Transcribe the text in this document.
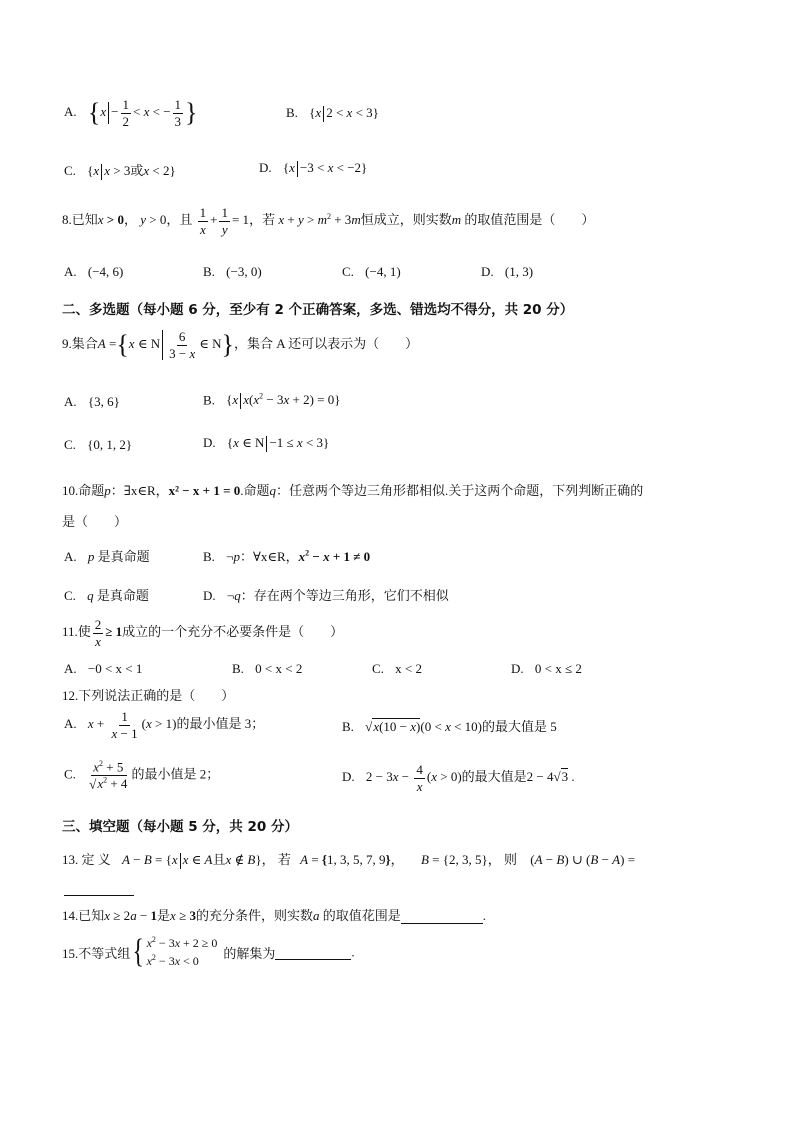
A. {$x - \frac{1}{2} < x$ < − $\frac{1}{3}$ }	B. {x 2 < x < 3}
C. {x x > 3或x < 2}	D. {x −3 < x < −2}
8.已知x > 0， y > 0，且 $\frac{1}{x} + \frac{1}{y} = 1$，若 $x + y > m^2 + 3m$恒成立，则实数m 的取值范围是（　　）
A. (−4, 6)	B. (−3, 0)	C. (−4, 1)	D. (1, 3)
二、多选题（每小题 6 分，至少有 2 个正确答案，多选、错选均不得分，共 20 分）
9.集合A ={x ∈ N $\frac{6}{3 - x}$ ∈ N}，集合 A 还可以表示为（　　）
A. {3, 6}	B. {x $x(x^2 - 3x + 2) = 0$}
C. {0, 1, 2}	D. {x ∈ N −1 ≤ x < 3}
10.命题p：∃x∈R，x² − x + 1 = 0.命题q：任意两个等边三角形都相似.关于这两个命题，下列判断正确的
是（　　）
A. p 是真命题	B. ¬p：∀x∈R，$x^2 - x + 1 \ne 0$
C. q 是真命题	D. ¬q：存在两个等边三角形，它们不相似
11.使 $\frac{2}{x} \ge 1$成立的一个充分不必要条件是（　　）
A. −0 < x < 1	B. 0 < x < 2	C. x < 2	D. 0 < x ≤ 2
12.下列说法正确的是（　　）
A. $x + \frac{1}{x - 1} (x > 1)$的最小值是 3；	B. √x(10 − x)(0 < x < 10)的最大值是 5
C. $\frac{x^2 + 5}{√x^2 + 4}$ 的最小值是 2；	D. $2 - 3x - \frac{4}{x} (x > 0)$的最大值是2 − 4√3 .
三、填空题（每小题 5 分，共 20 分）
13. 定 义 A − B = {x x ∈ A且x ∉ B}， 若 A = {1, 3, 5, 7, 9}， B = {2, 3, 5}， 则 (A − B) ∪ (B − A) =
14.已知x ≥ 2a − 1是x ≥ 3的充分条件，则实数a 的取值花围是	.
15.不等式组{ $x^2 - 3x + 2 \ge 0$
$x^2 - 3x < 0$
的解集为	.
